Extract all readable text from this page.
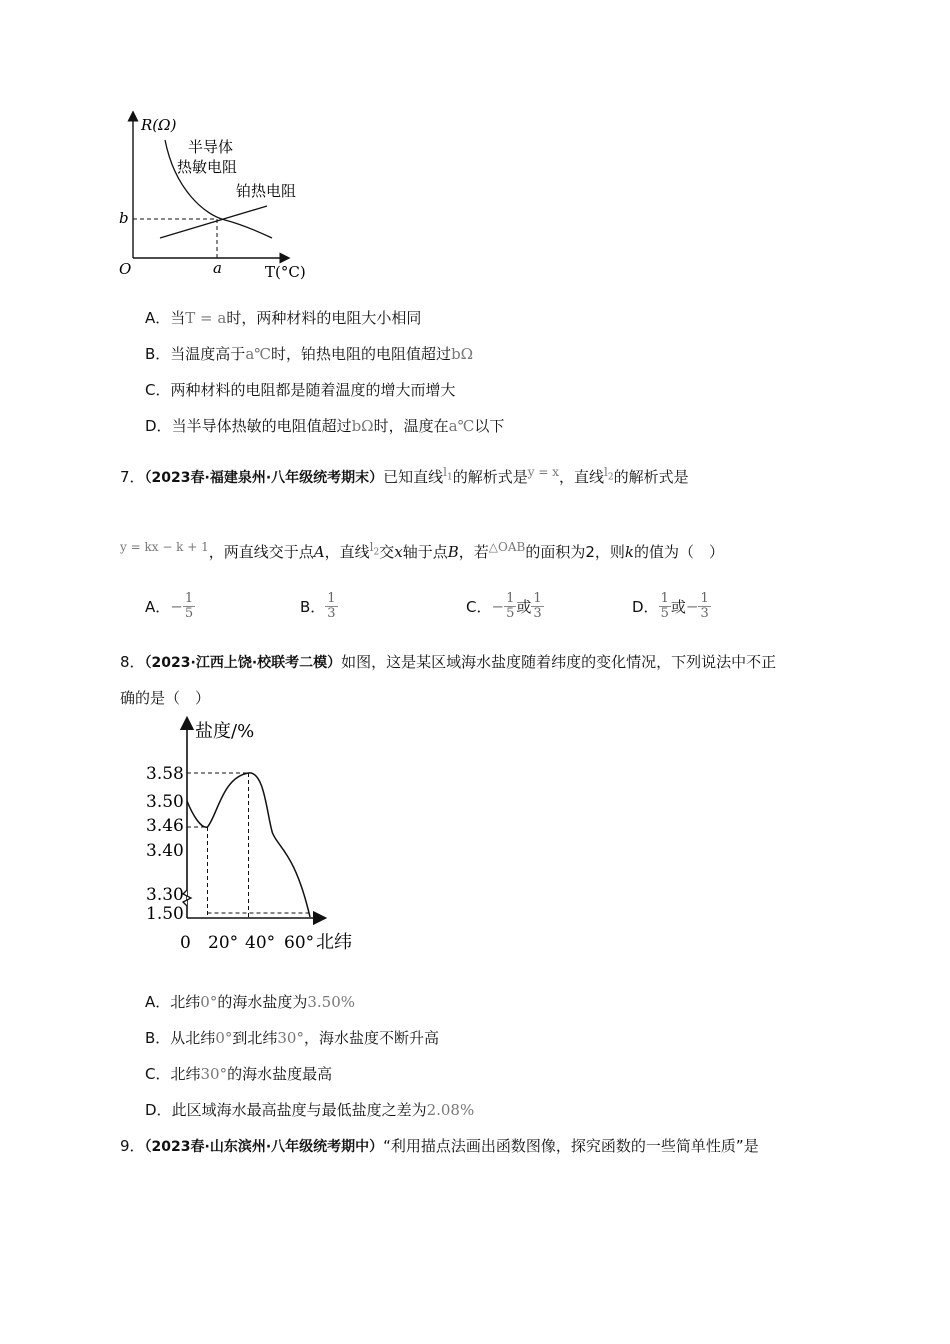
R(Ω)
T(°C)
O	a
b
半导体
热敏电阻
铂热电阻
A．当T = a时，两种材料的电阻大小相同
B．当温度高于a℃时，铂热电阻的电阻值超过bΩ
C．两种材料的电阻都是随着温度的增大而增大
D．当半导体热敏的电阻值超过bΩ时，温度在a℃以下
7．（2023春·福建泉州·八年级统考期末）已知直线$^{l_1}$的解析式是$^{y = x}$，直线$^{l_2}$的解析式是
$^{y = kx - k + 1}$，两直线交于点A，直线$^{l_2}$交x轴于点B，若$^{\triangle OAB}$的面积为2，则k的值为（　）
A．− $\frac{1}{5}$	B． $\frac{1}{3}$	C．− $\frac{1}{5}$ 或 $\frac{1}{3}$	D． $\frac{1}{5}$ 或− $\frac{1}{3}$
8．（2023·江西上饶·校联考二模）如图，这是某区域海水盐度随着纬度的变化情况，下列说法中不正
确的是（　）
1.50
3.30
3.40
3.46
3.50
3.58
0 20° 40° 60°
盐度/%
北纬
A．北纬0°的海水盐度为3.50%
B．从北纬0°到北纬30°，海水盐度不断升高
C．北纬30°的海水盐度最高
D．此区域海水最高盐度与最低盐度之差为2.08%
9．（2023春·山东滨州·八年级统考期中）“利用描点法画出函数图像，探究函数的一些简单性质”是
